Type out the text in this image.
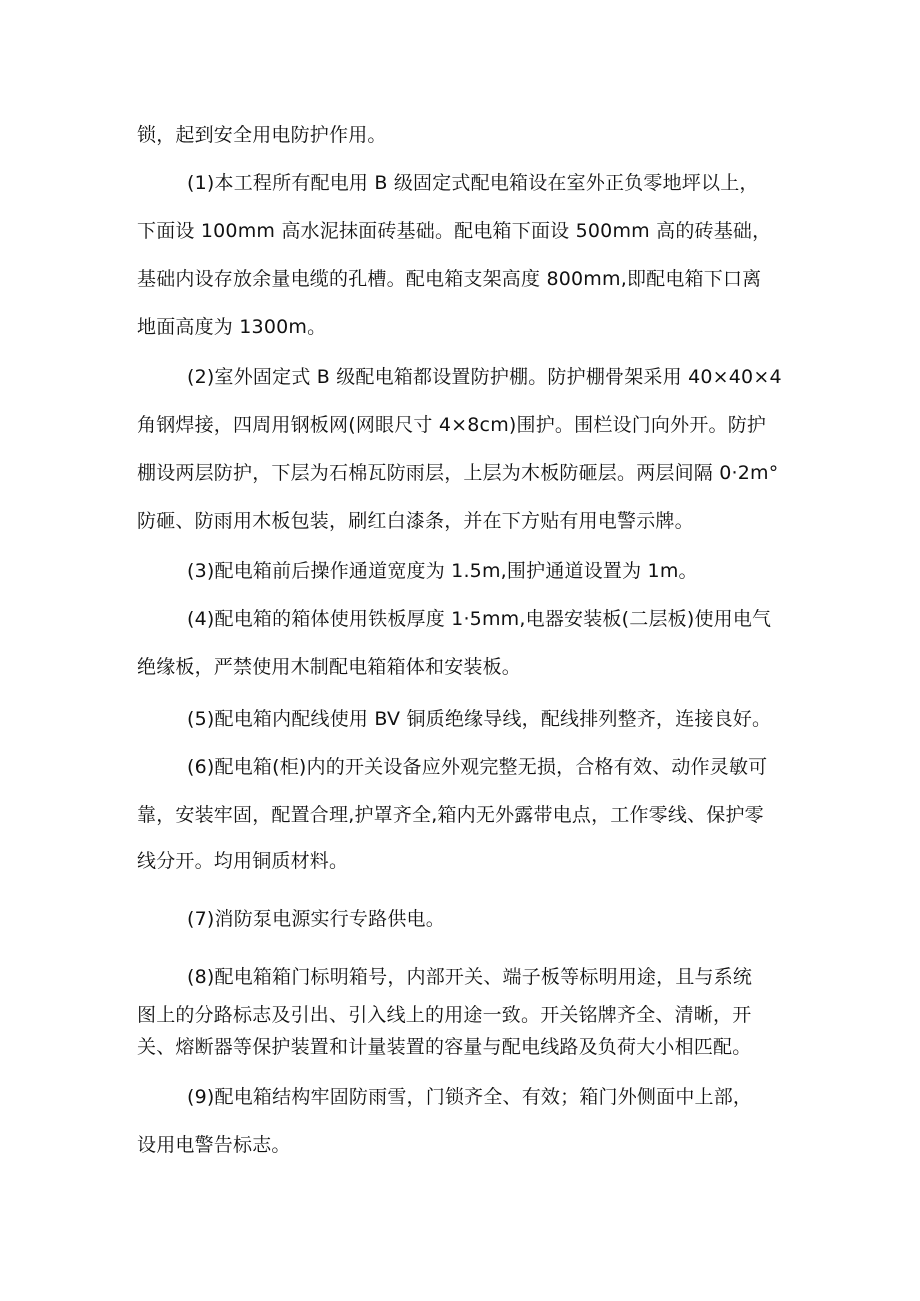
锁，起到安全用电防护作用。

(1)本工程所有配电用 B 级固定式配电箱设在室外正负零地坪以上，

下面设 100mm 高水泥抹面砖基础。配电箱下面设 500mm 高的砖基础，

基础内设存放余量电缆的孔槽。配电箱支架高度 800mm,即配电箱下口离

地面高度为 1300m。

(2)室外固定式 B 级配电箱都设置防护棚。防护棚骨架采用 40×40×4

角钢焊接，四周用钢板网(网眼尺寸 4×8cm)围护。围栏设门向外开。防护

棚设两层防护，下层为石棉瓦防雨层，上层为木板防砸层。两层间隔 0·2m°

防砸、防雨用木板包装，刷红白漆条，并在下方贴有用电警示牌。

(3)配电箱前后操作通道宽度为 1.5m,围护通道设置为 1m。

(4)配电箱的箱体使用铁板厚度 1·5mm,电器安装板(二层板)使用电气

绝缘板，严禁使用木制配电箱箱体和安装板。

(5)配电箱内配线使用 BV 铜质绝缘导线，配线排列整齐，连接良好。

(6)配电箱(柜)内的开关设备应外观完整无损，合格有效、动作灵敏可

靠，安装牢固，配置合理,护罩齐全,箱内无外露带电点，工作零线、保护零

线分开。均用铜质材料。

(7)消防泵电源实行专路供电。

(8)配电箱箱门标明箱号，内部开关、端子板等标明用途，且与系统

图上的分路标志及引出、引入线上的用途一致。开关铭牌齐全、清晰，开

关、熔断器等保护装置和计量装置的容量与配电线路及负荷大小相匹配。

(9)配电箱结构牢固防雨雪，门锁齐全、有效；箱门外侧面中上部，

设用电警告标志。
